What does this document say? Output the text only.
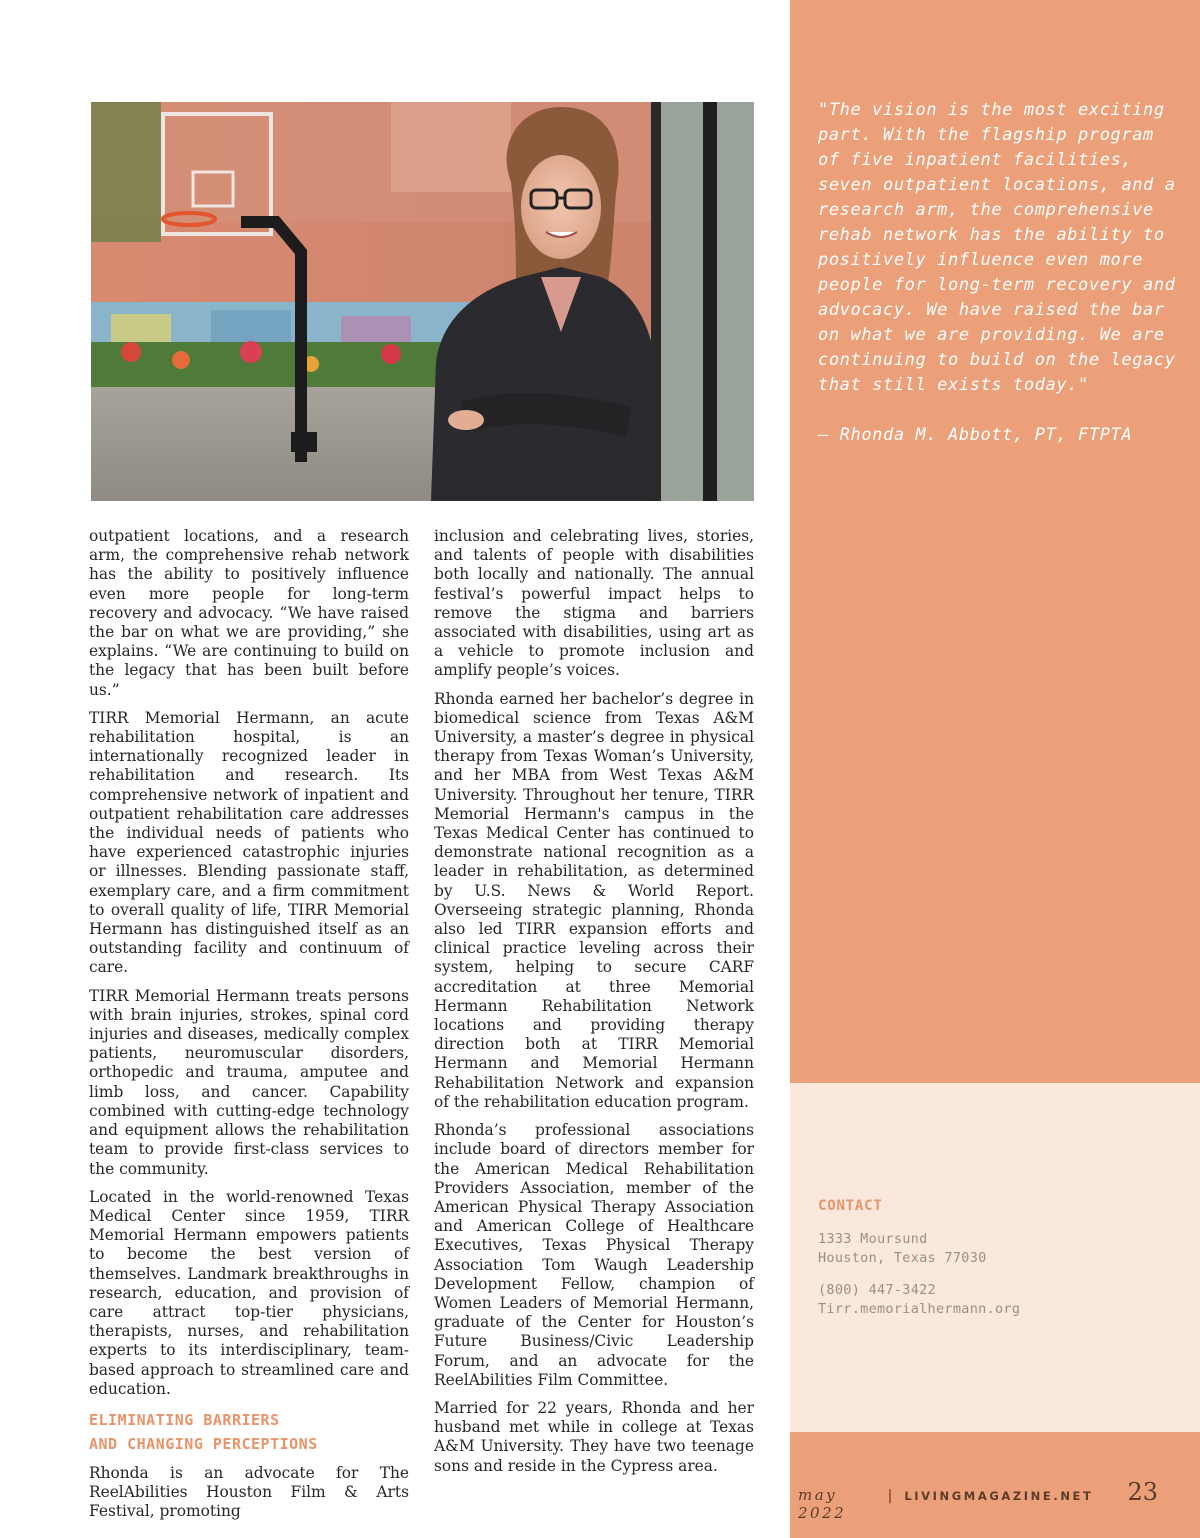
outpatient locations, and a research arm, the comprehensive rehab network has the ability to positively influence even more people for long-term recovery and advocacy. “We have raised the bar on what we are providing,” she explains. “We are continuing to build on the legacy that has been built before us.”

TIRR Memorial Hermann, an acute rehabilitation hospital, is an internationally recognized leader in rehabilitation and research. Its comprehensive network of inpatient and outpatient rehabilitation care addresses the individual needs of patients who have experienced catastrophic injuries or illnesses. Blending passionate staff, exemplary care, and a firm commitment to overall quality of life, TIRR Memorial Hermann has distinguished itself as an outstanding facility and continuum of care.

TIRR Memorial Hermann treats persons with brain injuries, strokes, spinal cord injuries and diseases, medically complex patients, neuromuscular disorders, orthopedic and trauma, amputee and limb loss, and cancer. Capability combined with cutting-edge technology and equipment allows the rehabilitation team to provide first-class services to the community.

Located in the world-renowned Texas Medical Center since 1959, TIRR Memorial Hermann empowers patients to become the best version of themselves. Landmark breakthroughs in research, education, and provision of care attract top-tier physicians, therapists, nurses, and rehabilitation experts to its interdisciplinary, team-based approach to streamlined care and education.

ELIMINATING BARRIERS
AND CHANGING PERCEPTIONS

Rhonda is an advocate for The ReelAbilities Houston Film & Arts Festival, promoting

inclusion and celebrating lives, stories, and talents of people with disabilities both locally and nationally. The annual festival’s powerful impact helps to remove the stigma and barriers associated with disabilities, using art as a vehicle to promote inclusion and amplify people’s voices.

Rhonda earned her bachelor’s degree in biomedical science from Texas A&M University, a master’s degree in physical therapy from Texas Woman’s University, and her MBA from West Texas A&M University. Throughout her tenure, TIRR Memorial Hermann's campus in the Texas Medical Center has continued to demonstrate national recognition as a leader in rehabilitation, as determined by U.S. News & World Report. Overseeing strategic planning, Rhonda also led TIRR expansion efforts and clinical practice leveling across their system, helping to secure CARF accreditation at three Memorial Hermann Rehabilitation Network locations and providing therapy direction both at TIRR Memorial Hermann and Memorial Hermann Rehabilitation Network and expansion of the rehabilitation education program.

Rhonda’s professional associations include board of directors member for the American Medical Rehabilitation Providers Association, member of the American Physical Therapy Association and American College of Healthcare Executives, Texas Physical Therapy Association Tom Waugh Leadership Development Fellow, champion of Women Leaders of Memorial Hermann, graduate of the Center for Houston’s Future Business/Civic Leadership Forum, and an advocate for the ReelAbilities Film Committee.

Married for 22 years, Rhonda and her husband met while in college at Texas A&M University. They have two teenage sons and reside in the Cypress area.

"The vision is the most exciting part. With the flagship program of five inpatient facilities, seven outpatient locations, and a research arm, the comprehensive rehab network has the ability to positively influence even more people for long-term recovery and advocacy. We have raised the bar on what we are providing. We are continuing to build on the legacy that still exists today."

– Rhonda M. Abbott, PT, FTPTA

CONTACT

1333 Moursund
Houston, Texas 77030

(800) 447-3422
Tirr.memorialhermann.org

may 2022
| LIVINGMAGAZINE.NET 23
